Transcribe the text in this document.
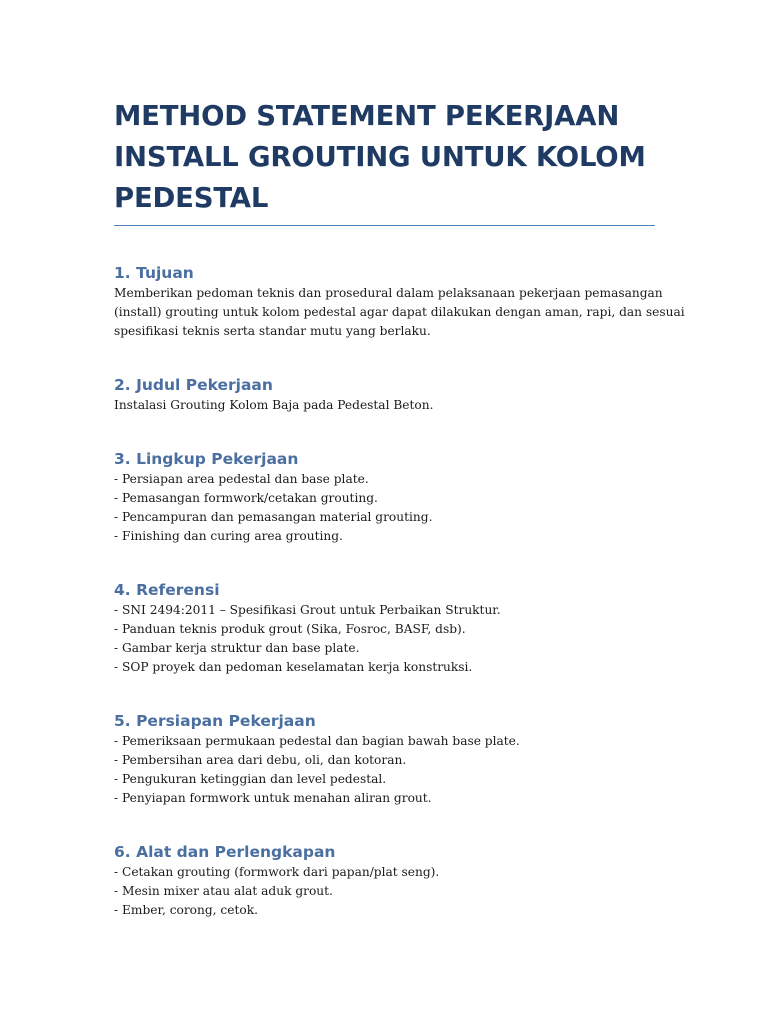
METHOD STATEMENT PEKERJAAN
INSTALL GROUTING UNTUK KOLOM
PEDESTAL
1. Tujuan

Memberikan pedoman teknis dan prosedural dalam pelaksanaan pekerjaan pemasangan
(install) grouting untuk kolom pedestal agar dapat dilakukan dengan aman, rapi, dan sesuai
spesifikasi teknis serta standar mutu yang berlaku.

2. Judul Pekerjaan

Instalasi Grouting Kolom Baja pada Pedestal Beton.

3. Lingkup Pekerjaan

- Persiapan area pedestal dan base plate.
- Pemasangan formwork/cetakan grouting.
- Pencampuran dan pemasangan material grouting.
- Finishing dan curing area grouting.

4. Referensi

- SNI 2494:2011 – Spesifikasi Grout untuk Perbaikan Struktur.
- Panduan teknis produk grout (Sika, Fosroc, BASF, dsb).
- Gambar kerja struktur dan base plate.
- SOP proyek dan pedoman keselamatan kerja konstruksi.

5. Persiapan Pekerjaan

- Pemeriksaan permukaan pedestal dan bagian bawah base plate.
- Pembersihan area dari debu, oli, dan kotoran.
- Pengukuran ketinggian dan level pedestal.
- Penyiapan formwork untuk menahan aliran grout.

6. Alat dan Perlengkapan

- Cetakan grouting (formwork dari papan/plat seng).
- Mesin mixer atau alat aduk grout.
- Ember, corong, cetok.
